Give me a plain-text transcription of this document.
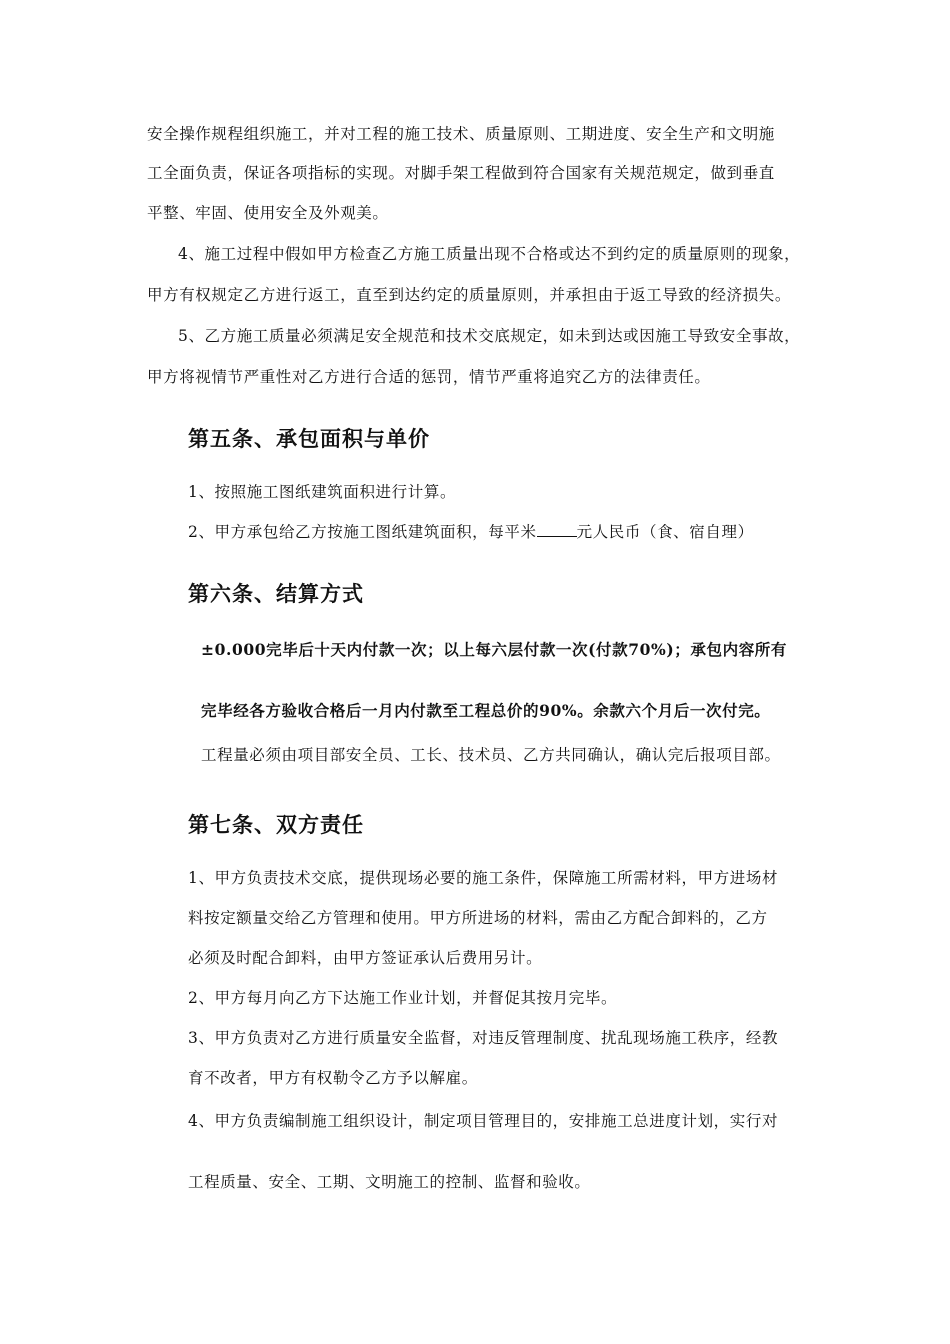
安全操作规程组织施工，并对工程的施工技术、质量原则、工期进度、安全生产和文明施
工全面负责，保证各项指标的实现。对脚手架工程做到符合国家有关规范规定，做到垂直
平整、牢固、使用安全及外观美。
4、施工过程中假如甲方检查乙方施工质量出现不合格或达不到约定的质量原则的现象，
甲方有权规定乙方进行返工，直至到达约定的质量原则，并承担由于返工导致的经济损失。
5、乙方施工质量必须满足安全规范和技术交底规定，如未到达或因施工导致安全事故，
甲方将视情节严重性对乙方进行合适的惩罚，情节严重将追究乙方的法律责任。
第五条、承包面积与单价
1、按照施工图纸建筑面积进行计算。
2、甲方承包给乙方按施工图纸建筑面积，每平米	元人民币（食、宿自理）
第六条、结算方式
±0.000完毕后十天内付款一次；以上每六层付款一次(付款70%)；承包内容所有
完毕经各方验收合格后一月内付款至工程总价的90%。余款六个月后一次付完。
工程量必须由项目部安全员、工长、技术员、乙方共同确认，确认完后报项目部。
第七条、双方责任
1、甲方负责技术交底，提供现场必要的施工条件，保障施工所需材料，甲方进场材
料按定额量交给乙方管理和使用。甲方所进场的材料，需由乙方配合卸料的，乙方
必须及时配合卸料，由甲方签证承认后费用另计。
2、甲方每月向乙方下达施工作业计划，并督促其按月完毕。
3、甲方负责对乙方进行质量安全监督，对违反管理制度、扰乱现场施工秩序，经教
育不改者，甲方有权勒令乙方予以解雇。
4、甲方负责编制施工组织设计，制定项目管理目的，安排施工总进度计划，实行对
工程质量、安全、工期、文明施工的控制、监督和验收。
